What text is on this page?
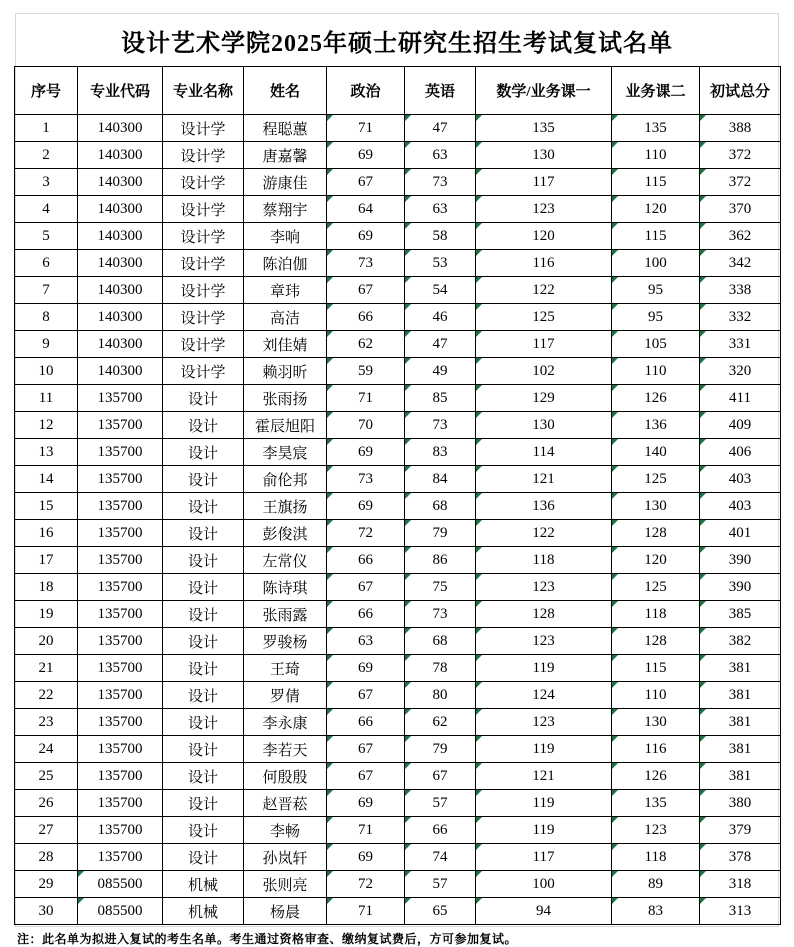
设计艺术学院2025年硕士研究生招生考试复试名单
序号	专业代码	专业名称	姓名	政治	英语	数学/业务课一	业务课二	初试总分
1	140300	设计学	程聪蕙	71	47	135	135	388
2	140300	设计学	唐嘉馨	69	63	130	110	372
3	140300	设计学	游康佳	67	73	117	115	372
4	140300	设计学	蔡翔宇	64	63	123	120	370
5	140300	设计学	李响	69	58	120	115	362
6	140300	设计学	陈泊伽	73	53	116	100	342
7	140300	设计学	章玮	67	54	122	95	338
8	140300	设计学	高洁	66	46	125	95	332
9	140300	设计学	刘佳婧	62	47	117	105	331
10	140300	设计学	赖羽昕	59	49	102	110	320
11	135700	设计	张雨扬	71	85	129	126	411
12	135700	设计	霍辰旭阳	70	73	130	136	409
13	135700	设计	李昊宸	69	83	114	140	406
14	135700	设计	俞伦邦	73	84	121	125	403
15	135700	设计	王旗扬	69	68	136	130	403
16	135700	设计	彭俊淇	72	79	122	128	401
17	135700	设计	左常仪	66	86	118	120	390
18	135700	设计	陈诗琪	67	75	123	125	390
19	135700	设计	张雨露	66	73	128	118	385
20	135700	设计	罗骏杨	63	68	123	128	382
21	135700	设计	王琦	69	78	119	115	381
22	135700	设计	罗倩	67	80	124	110	381
23	135700	设计	李永康	66	62	123	130	381
24	135700	设计	李若天	67	79	119	116	381
25	135700	设计	何殷殷	67	67	121	126	381
26	135700	设计	赵晋菘	69	57	119	135	380
27	135700	设计	李畅	71	66	119	123	379
28	135700	设计	孙岚轩	69	74	117	118	378
29	085500	机械	张则亮	72	57	100	89	318
30	085500	机械	杨晨	71	65	94	83	313
注：此名单为拟进入复试的考生名单。考生通过资格审查、缴纳复试费后，方可参加复试。
